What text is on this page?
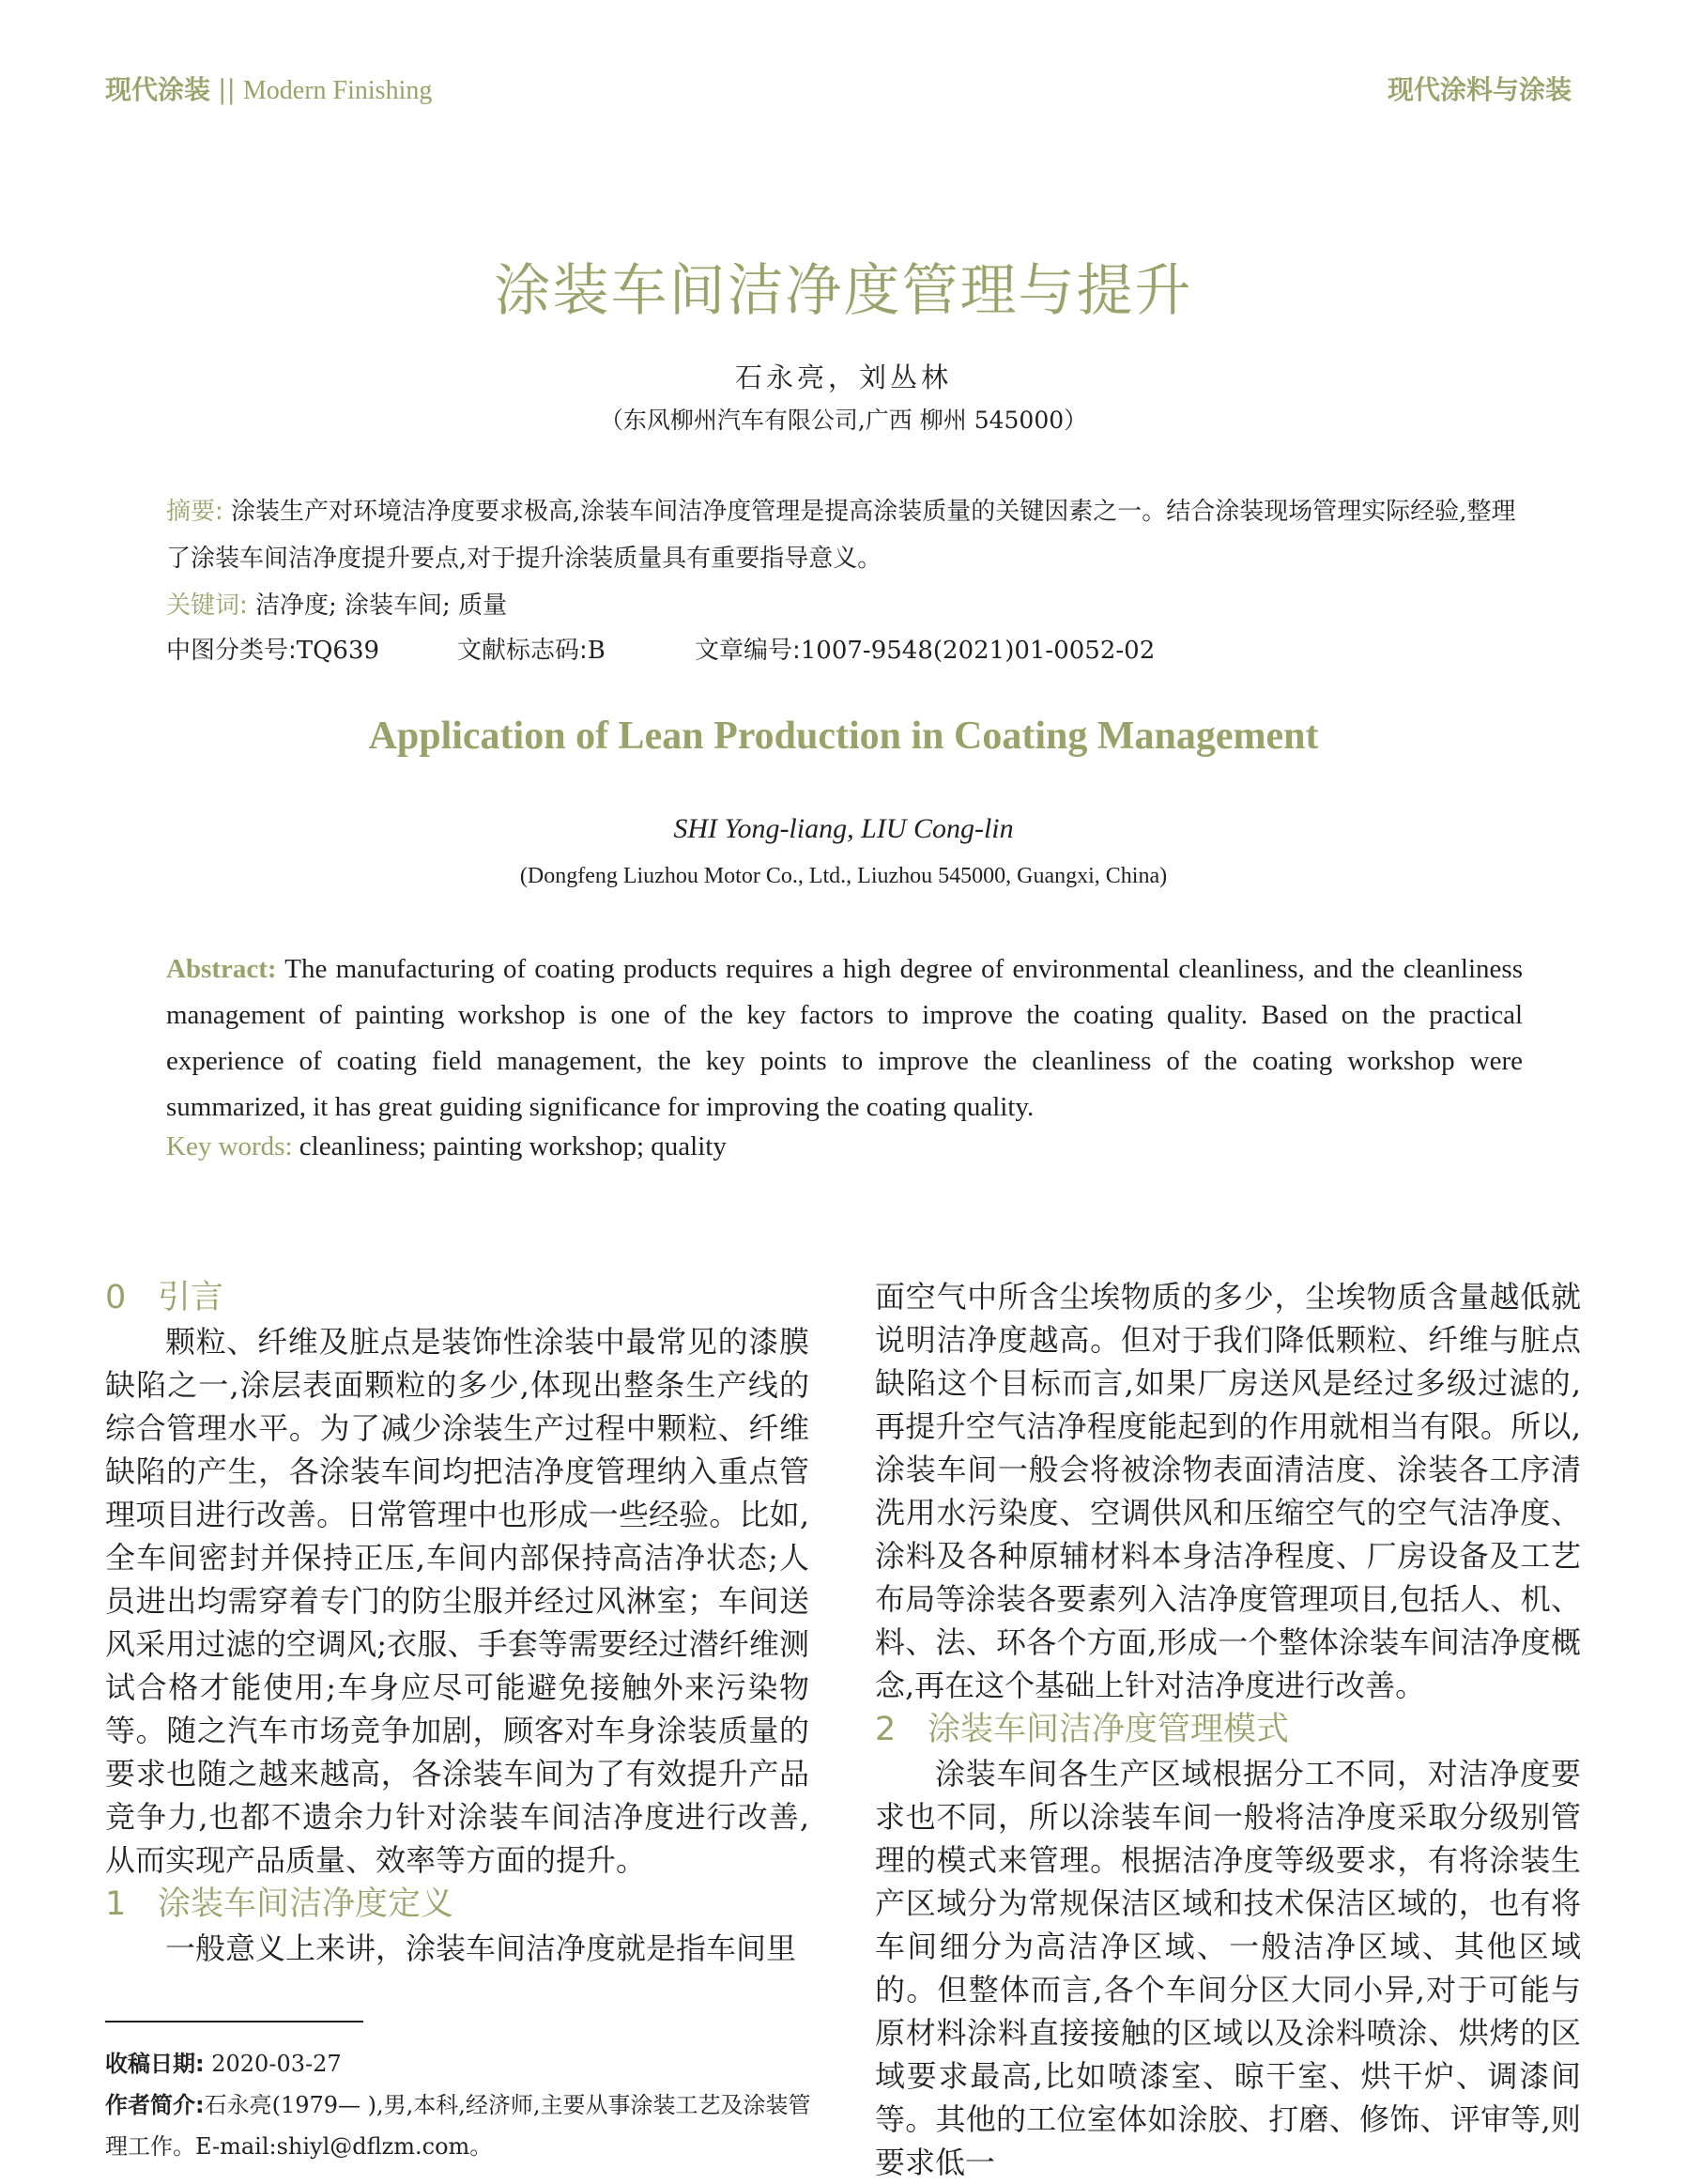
现代涂装 || Modern Finishing	现代涂料与涂装
涂装车间洁净度管理与提升
石永亮，刘丛林
（东风柳州汽车有限公司,广西 柳州 545000）
摘要: 涂装生产对环境洁净度要求极高,涂装车间洁净度管理是提高涂装质量的关键因素之一。结合涂装现场管理实际经验,整理了涂装车间洁净度提升要点,对于提升涂装质量具有重要指导意义。
关键词: 洁净度; 涂装车间; 质量
中图分类号:TQ639	文献标志码:B	文章编号:1007-9548(2021)01-0052-02
Application of Lean Production in Coating Management
SHI Yong-liang, LIU Cong-lin
(Dongfeng Liuzhou Motor Co., Ltd., Liuzhou 545000, Guangxi, China)
Abstract: The manufacturing of coating products requires a high degree of environmental cleanliness, and the cleanliness management of painting workshop is one of the key factors to improve the coating quality. Based on the practical experience of coating field management, the key points to improve the cleanliness of the coating workshop were summarized, it has great guiding significance for improving the coating quality.
Key words: cleanliness; painting workshop; quality
0 引言

颗粒、纤维及脏点是装饰性涂装中最常见的漆膜缺陷之一,涂层表面颗粒的多少,体现出整条生产线的综合管理水平。为了减少涂装生产过程中颗粒、纤维缺陷的产生，各涂装车间均把洁净度管理纳入重点管理项目进行改善。日常管理中也形成一些经验。比如,全车间密封并保持正压,车间内部保持高洁净状态;人员进出均需穿着专门的防尘服并经过风淋室；车间送风采用过滤的空调风;衣服、手套等需要经过潜纤维测试合格才能使用;车身应尽可能避免接触外来污染物等。随之汽车市场竞争加剧，顾客对车身涂装质量的要求也随之越来越高，各涂装车间为了有效提升产品竞争力,也都不遗余力针对涂装车间洁净度进行改善,从而实现产品质量、效率等方面的提升。

1 涂装车间洁净度定义

一般意义上来讲，涂装车间洁净度就是指车间里

面空气中所含尘埃物质的多少，尘埃物质含量越低就说明洁净度越高。但对于我们降低颗粒、纤维与脏点缺陷这个目标而言,如果厂房送风是经过多级过滤的,再提升空气洁净程度能起到的作用就相当有限。所以,涂装车间一般会将被涂物表面清洁度、涂装各工序清洗用水污染度、空调供风和压缩空气的空气洁净度、涂料及各种原辅材料本身洁净程度、厂房设备及工艺布局等涂装各要素列入洁净度管理项目,包括人、机、料、法、环各个方面,形成一个整体涂装车间洁净度概念,再在这个基础上针对洁净度进行改善。

2 涂装车间洁净度管理模式

涂装车间各生产区域根据分工不同，对洁净度要求也不同，所以涂装车间一般将洁净度采取分级别管理的模式来管理。根据洁净度等级要求，有将涂装生产区域分为常规保洁区域和技术保洁区域的，也有将车间细分为高洁净区域、一般洁净区域、其他区域的。但整体而言,各个车间分区大同小异,对于可能与原材料涂料直接接触的区域以及涂料喷涂、烘烤的区域要求最高,比如喷漆室、晾干室、烘干炉、调漆间等。其他的工位室体如涂胶、打磨、修饰、评审等,则要求低一

收稿日期: 2020-03-27
作者简介:石永亮(1979— ),男,本科,经济师,主要从事涂装工艺及涂装管理工作。E-mail:shiyl@dflzm.com。
